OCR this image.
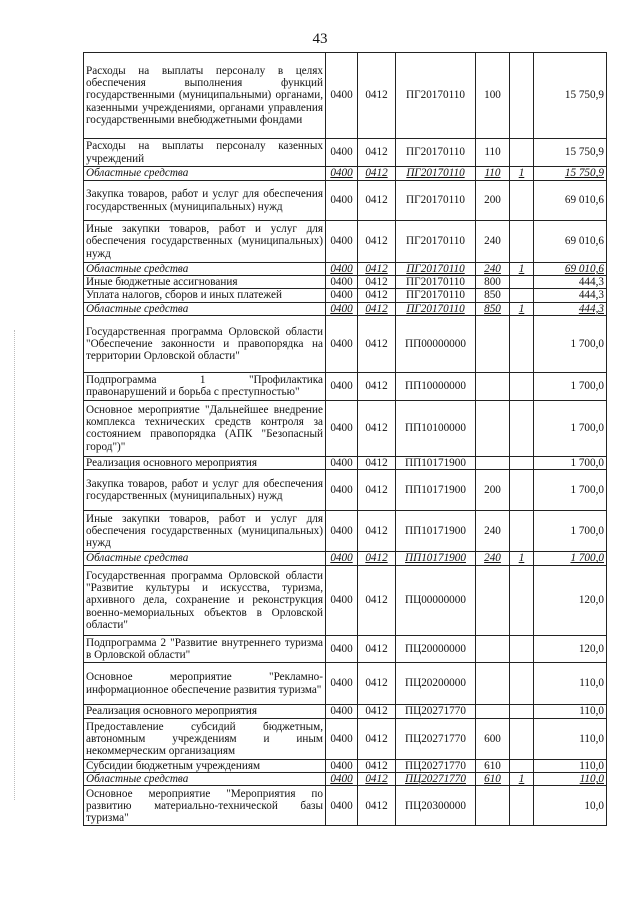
43
Расходы на выплаты персоналу в целях обеспечения выполнения функций государственными (муниципальными) органами, казенными учреждениями, органами управления государственными внебюджетными фондами	0400	0412	ПГ20170110	100		15 750,9
Расходы на выплаты персоналу казенных учреждений	0400	0412	ПГ20170110	110		15 750,9
Областные средства	0400	0412	ПГ20170110	110	1	15 750,9
Закупка товаров, работ и услуг для обеспечения государственных (муниципальных) нужд	0400	0412	ПГ20170110	200		69 010,6
Иные закупки товаров, работ и услуг для обеспечения государственных (муниципальных) нужд	0400	0412	ПГ20170110	240		69 010,6
Областные средства	0400	0412	ПГ20170110	240	1	69 010,6
Иные бюджетные ассигнования	0400	0412	ПГ20170110	800		444,3
Уплата налогов, сборов и иных платежей	0400	0412	ПГ20170110	850		444,3
Областные средства	0400	0412	ПГ20170110	850	1	444,3
Государственная программа Орловской области "Обеспечение законности и правопорядка на территории Орловской области"	0400	0412	ПП00000000			1 700,0
Подпрограмма 1 "Профилактика правонарушений и борьба с преступностью"	0400	0412	ПП10000000			1 700,0
Основное мероприятие "Дальнейшее внедрение комплекса технических средств контроля за состоянием правопорядка (АПК "Безопасный город")"	0400	0412	ПП10100000			1 700,0
Реализация основного мероприятия	0400	0412	ПП10171900			1 700,0
Закупка товаров, работ и услуг для обеспечения государственных (муниципальных) нужд	0400	0412	ПП10171900	200		1 700,0
Иные закупки товаров, работ и услуг для обеспечения государственных (муниципальных) нужд	0400	0412	ПП10171900	240		1 700,0
Областные средства	0400	0412	ПП10171900	240	1	1 700,0
Государственная программа Орловской области "Развитие культуры и искусства, туризма, архивного дела, сохранение и реконструкция военно-мемориальных объектов в Орловской области"	0400	0412	ПЦ00000000			120,0
Подпрограмма 2 "Развитие внутреннего туризма в Орловской области"	0400	0412	ПЦ20000000			120,0
Основное мероприятие "Рекламно-информационное обеспечение развития туризма"	0400	0412	ПЦ20200000			110,0
Реализация основного мероприятия	0400	0412	ПЦ20271770			110,0
Предоставление субсидий бюджетным, автономным учреждениям и иным некоммерческим организациям	0400	0412	ПЦ20271770	600		110,0
Субсидии бюджетным учреждениям	0400	0412	ПЦ20271770	610		110,0
Областные средства	0400	0412	ПЦ20271770	610	1	110,0
Основное мероприятие "Мероприятия по развитию материально-технической базы туризма"	0400	0412	ПЦ20300000			10,0
